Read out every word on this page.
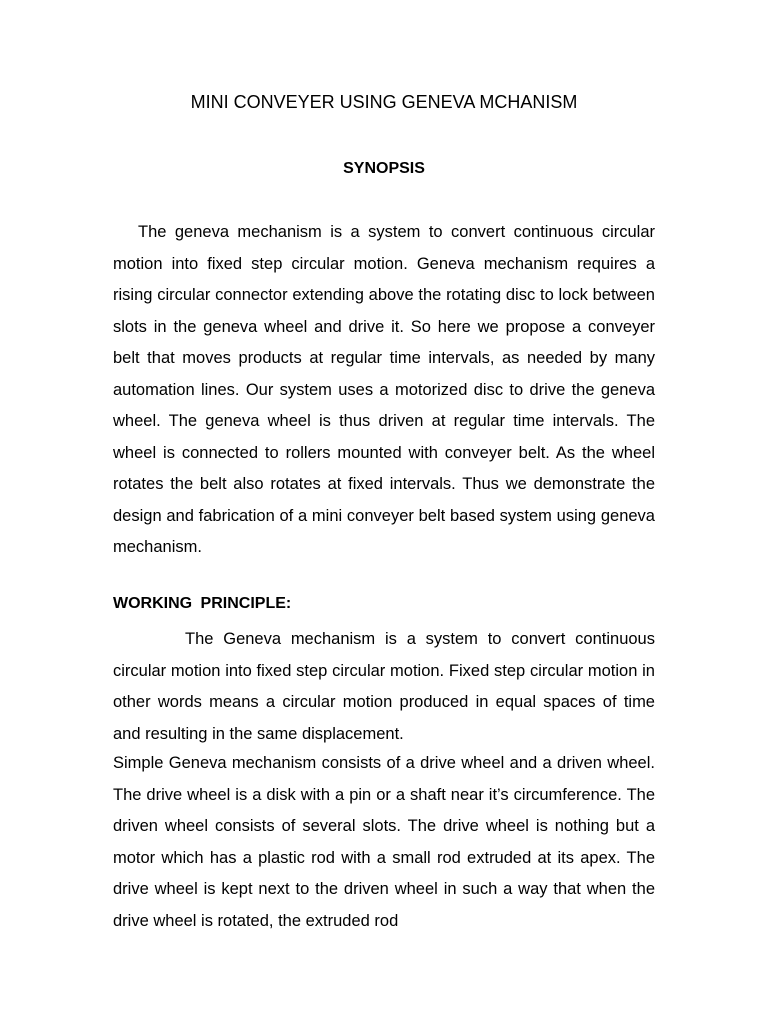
MINI CONVEYER USING GENEVA MCHANISM
SYNOPSIS

The geneva mechanism is a system to convert continuous circular motion into fixed step circular motion. Geneva mechanism requires a rising circular connector extending above the rotating disc to lock between slots in the geneva wheel and drive it. So here we propose a conveyer belt that moves products at regular time intervals, as needed by many automation lines. Our system uses a motorized disc to drive the geneva wheel. The geneva wheel is thus driven at regular time intervals. The wheel is connected to rollers mounted with conveyer belt. As the wheel rotates the belt also rotates at fixed intervals. Thus we demonstrate the design and fabrication of a mini conveyer belt based system using geneva mechanism.

WORKING PRINCIPLE:

The Geneva mechanism is a system to convert continuous circular motion into fixed step circular motion. Fixed step circular motion in other words means a circular motion produced in equal spaces of time and resulting in the same displacement.

Simple Geneva mechanism consists of a drive wheel and a driven wheel. The drive wheel is a disk with a pin or a shaft near it’s circumference. The driven wheel consists of several slots. The drive wheel is nothing but a motor which has a plastic rod with a small rod extruded at its apex. The drive wheel is kept next to the driven wheel in such a way that when the drive wheel is rotated, the extruded rod
